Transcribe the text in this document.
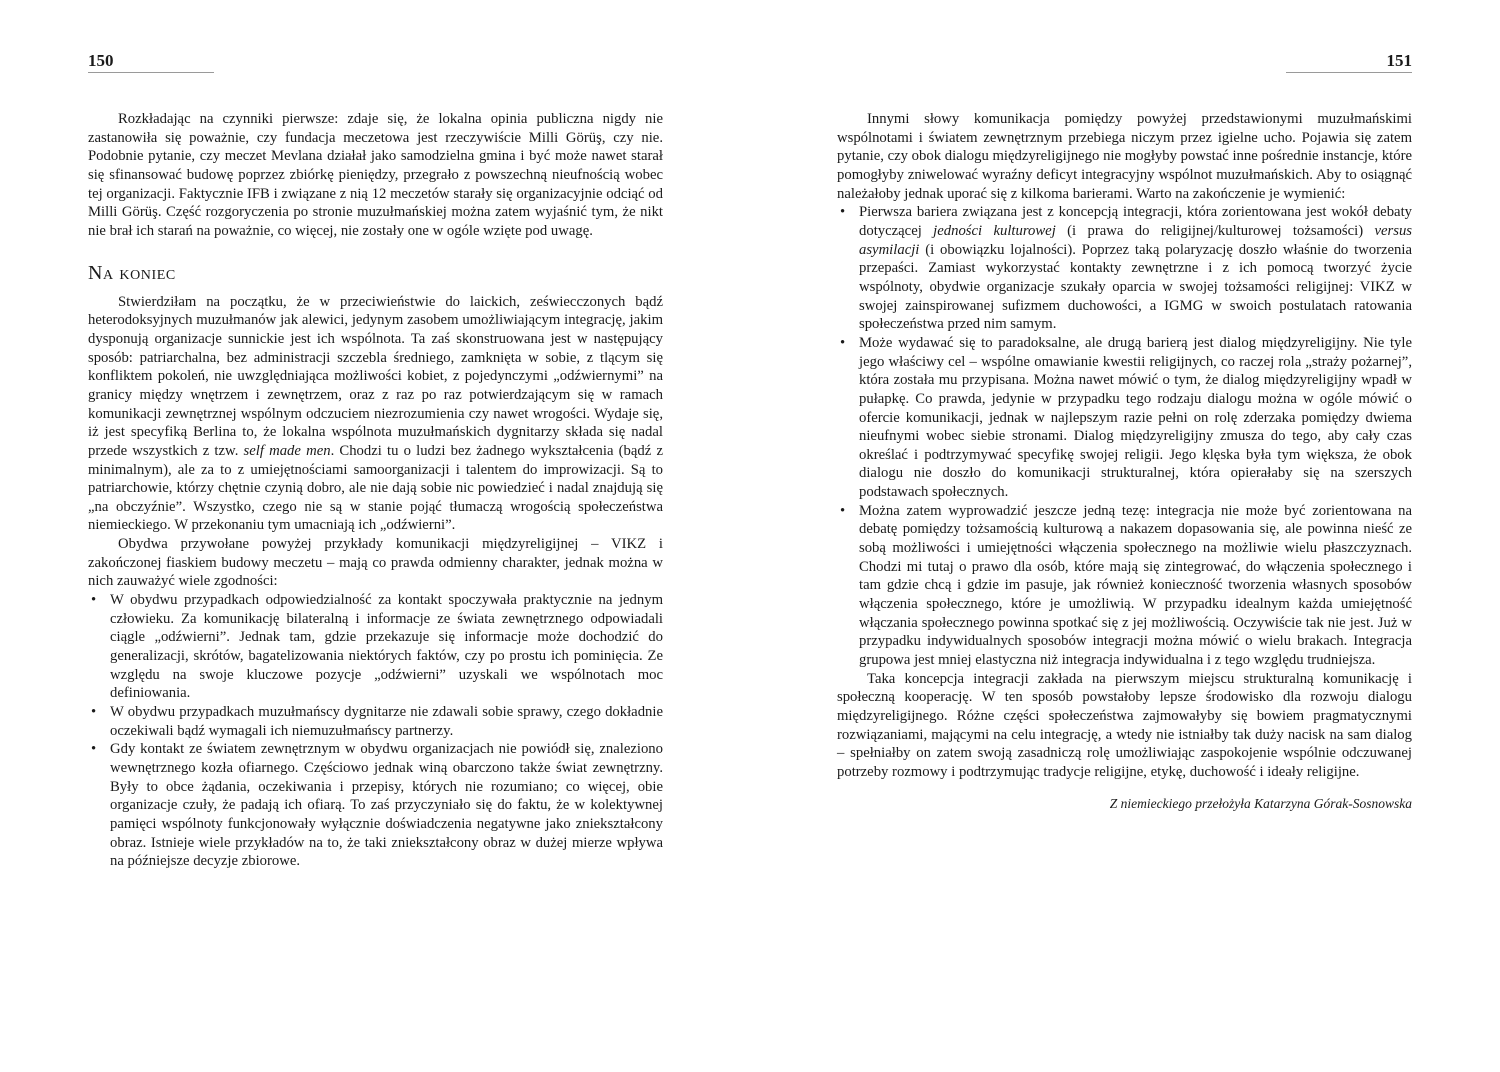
150

Rozkładając na czynniki pierwsze: zdaje się, że lokalna opinia publiczna nigdy nie zastanowiła się poważnie, czy fundacja meczetowa jest rzeczywiście Milli Görüş, czy nie. Podobnie pytanie, czy meczet Mevlana działał jako samodzielna gmina i być może nawet starał się sfinansować budowę poprzez zbiórkę pieniędzy, przegrało z powszechną nieufnością wobec tej organizacji. Faktycznie IFB i związane z nią 12 meczetów starały się organizacyjnie odciąć od Milli Görüş. Część rozgoryczenia po stronie muzułmańskiej można zatem wyjaśnić tym, że nikt nie brał ich starań na poważnie, co więcej, nie zostały one w ogóle wzięte pod uwagę.

Na koniec

Stwierdziłam na początku, że w przeciwieństwie do laickich, zeświecczonych bądź heterodoksyjnych muzułmanów jak alewici, jedynym zasobem umożliwiającym integrację, jakim dysponują organizacje sunnickie jest ich wspólnota. Ta zaś skonstruowana jest w następujący sposób: patriarchalna, bez administracji szczebla średniego, zamknięta w sobie, z tlącym się konfliktem pokoleń, nie uwzględniająca możliwości kobiet, z pojedynczymi „odźwiernymi” na granicy między wnętrzem i zewnętrzem, oraz z raz po raz potwierdzającym się w ramach komunikacji zewnętrznej wspólnym odczuciem niezrozumienia czy nawet wrogości. Wydaje się, iż jest specyfiką Berlina to, że lokalna wspólnota muzułmańskich dygnitarzy składa się nadal przede wszystkich z tzw. self made men. Chodzi tu o ludzi bez żadnego wykształcenia (bądź z minimalnym), ale za to z umiejętnościami samoorganizacji i talentem do improwizacji. Są to patriarchowie, którzy chętnie czynią dobro, ale nie dają sobie nic powiedzieć i nadal znajdują się „na obczyźnie”. Wszystko, czego nie są w stanie pojąć tłumaczą wrogością społeczeństwa niemieckiego. W przekonaniu tym umacniają ich „odźwierni”.

Obydwa przywołane powyżej przykłady komunikacji międzyreligijnej – VIKZ i zakończonej fiaskiem budowy meczetu – mają co prawda odmienny charakter, jednak można w nich zauważyć wiele zgodności:

• W obydwu przypadkach odpowiedzialność za kontakt spoczywała praktycznie na jednym człowieku. Za komunikację bilateralną i informacje ze świata zewnętrznego odpowiadali ciągle „odźwierni”. Jednak tam, gdzie przekazuje się informacje może dochodzić do generalizacji, skrótów, bagatelizowania niektórych faktów, czy po prostu ich pominięcia. Ze względu na swoje kluczowe pozycje „odźwierni” uzyskali we wspólnotach moc definiowania.
• W obydwu przypadkach muzułmańscy dygnitarze nie zdawali sobie sprawy, czego dokładnie oczekiwali bądź wymagali ich niemuzułmańscy partnerzy.
• Gdy kontakt ze światem zewnętrznym w obydwu organizacjach nie powiódł się, znaleziono wewnętrznego kozła ofiarnego. Częściowo jednak winą obarczono także świat zewnętrzny. Były to obce żądania, oczekiwania i przepisy, których nie rozumiano; co więcej, obie organizacje czuły, że padają ich ofiarą. To zaś przyczyniało się do faktu, że w kolektywnej pamięci wspólnoty funkcjonowały wyłącznie doświadczenia negatywne jako zniekształcony obraz. Istnieje wiele przykładów na to, że taki zniekształcony obraz w dużej mierze wpływa na późniejsze decyzje zbiorowe.
151

Innymi słowy komunikacja pomiędzy powyżej przedstawionymi muzułmańskimi wspólnotami i światem zewnętrznym przebiega niczym przez igielne ucho. Pojawia się zatem pytanie, czy obok dialogu międzyreligijnego nie mogłyby powstać inne pośrednie instancje, które pomogłyby zniwelować wyraźny deficyt integracyjny wspólnot muzułmańskich. Aby to osiągnąć należałoby jednak uporać się z kilkoma barierami. Warto na zakończenie je wymienić:

• Pierwsza bariera związana jest z koncepcją integracji, która zorientowana jest wokół debaty dotyczącej jedności kulturowej (i prawa do religijnej/kulturowej tożsamości) versus asymilacji (i obowiązku lojalności). Poprzez taką polaryzację doszło właśnie do tworzenia przepaści. Zamiast wykorzystać kontakty zewnętrzne i z ich pomocą tworzyć życie wspólnoty, obydwie organizacje szukały oparcia w swojej tożsamości religijnej: VIKZ w swojej zainspirowanej sufizmem duchowości, a IGMG w swoich postulatach ratowania społeczeństwa przed nim samym.
• Może wydawać się to paradoksalne, ale drugą barierą jest dialog międzyreligijny. Nie tyle jego właściwy cel – wspólne omawianie kwestii religijnych, co raczej rola „straży pożarnej”, która została mu przypisana. Można nawet mówić o tym, że dialog międzyreligijny wpadł w pułapkę. Co prawda, jedynie w przypadku tego rodzaju dialogu można w ogóle mówić o ofercie komunikacji, jednak w najlepszym razie pełni on rolę zderzaka pomiędzy dwiema nieufnymi wobec siebie stronami. Dialog międzyreligijny zmusza do tego, aby cały czas określać i podtrzymywać specyfikę swojej religii. Jego klęska była tym większa, że obok dialogu nie doszło do komunikacji strukturalnej, która opierałaby się na szerszych podstawach społecznych.
• Można zatem wyprowadzić jeszcze jedną tezę: integracja nie może być zorientowana na debatę pomiędzy tożsamością kulturową a nakazem dopasowania się, ale powinna nieść ze sobą możliwości i umiejętności włączenia społecznego na możliwie wielu płaszczyznach. Chodzi mi tutaj o prawo dla osób, które mają się zintegrować, do włączenia społecznego i tam gdzie chcą i gdzie im pasuje, jak również konieczność tworzenia własnych sposobów włączenia społecznego, które je umożliwią. W przypadku idealnym każda umiejętność włączania społecznego powinna spotkać się z jej możliwością. Oczywiście tak nie jest. Już w przypadku indywidualnych sposobów integracji można mówić o wielu brakach. Integracja grupowa jest mniej elastyczna niż integracja indywidualna i z tego względu trudniejsza.

Taka koncepcja integracji zakłada na pierwszym miejscu strukturalną komunikację i społeczną kooperację. W ten sposób powstałoby lepsze środowisko dla rozwoju dialogu międzyreligijnego. Różne części społeczeństwa zajmowałyby się bowiem pragmatycznymi rozwiązaniami, mającymi na celu integrację, a wtedy nie istniałby tak duży nacisk na sam dialog – spełniałby on zatem swoją zasadniczą rolę umożliwiając zaspokojenie wspólnie odczuwanej potrzeby rozmowy i podtrzymując tradycje religijne, etykę, duchowość i ideały religijne.

Z niemieckiego przełożyła Katarzyna Górak-Sosnowska
